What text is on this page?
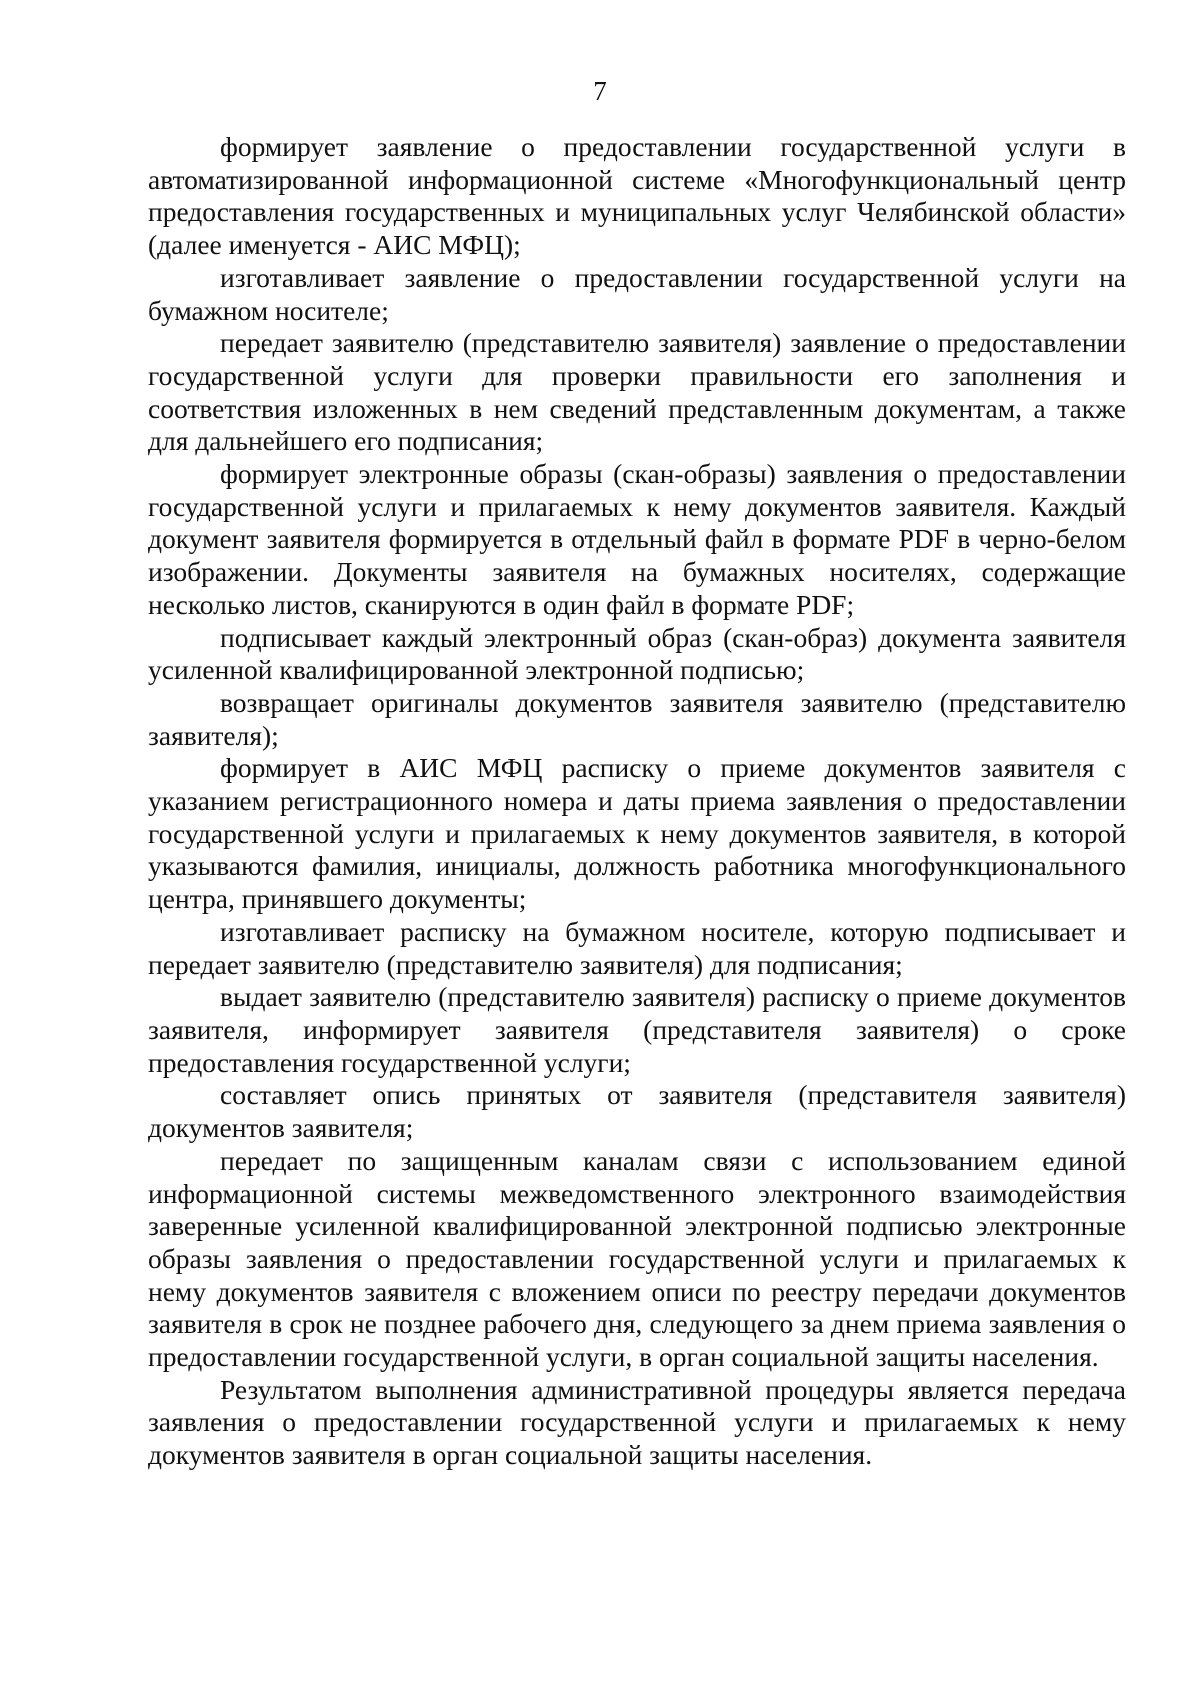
7

формирует заявление о предоставлении государственной услуги в автоматизированной информационной системе «Многофункциональный центр предоставления государственных и муниципальных услуг Челябинской области» (далее именуется - АИС МФЦ);

изготавливает заявление о предоставлении государственной услуги на бумажном носителе;

передает заявителю (представителю заявителя) заявление о предоставлении государственной услуги для проверки правильности его заполнения и соответствия изложенных в нем сведений представленным документам, а также для дальнейшего его подписания;

формирует электронные образы (скан-образы) заявления о предоставлении государственной услуги и прилагаемых к нему документов заявителя. Каждый документ заявителя формируется в отдельный файл в формате PDF в черно-белом изображении. Документы заявителя на бумажных носителях, содержащие несколько листов, сканируются в один файл в формате PDF;

подписывает каждый электронный образ (скан-образ) документа заявителя усиленной квалифицированной электронной подписью;

возвращает оригиналы документов заявителя заявителю (представителю заявителя);

формирует в АИС МФЦ расписку о приеме документов заявителя с указанием регистрационного номера и даты приема заявления о предоставлении государственной услуги и прилагаемых к нему документов заявителя, в которой указываются фамилия, инициалы, должность работника многофункционального центра, принявшего документы;

изготавливает расписку на бумажном носителе, которую подписывает и передает заявителю (представителю заявителя) для подписания;

выдает заявителю (представителю заявителя) расписку о приеме документов заявителя, информирует заявителя (представителя заявителя) о сроке предоставления государственной услуги;

составляет опись принятых от заявителя (представителя заявителя) документов заявителя;

передает по защищенным каналам связи с использованием единой информационной системы межведомственного электронного взаимодействия заверенные усиленной квалифицированной электронной подписью электронные образы заявления о предоставлении государственной услуги и прилагаемых к нему документов заявителя с вложением описи по реестру передачи документов заявителя в срок не позднее рабочего дня, следующего за днем приема заявления о предоставлении государственной услуги, в орган социальной защиты населения.

Результатом выполнения административной процедуры является передача заявления о предоставлении государственной услуги и прилагаемых к нему документов заявителя в орган социальной защиты населения.
